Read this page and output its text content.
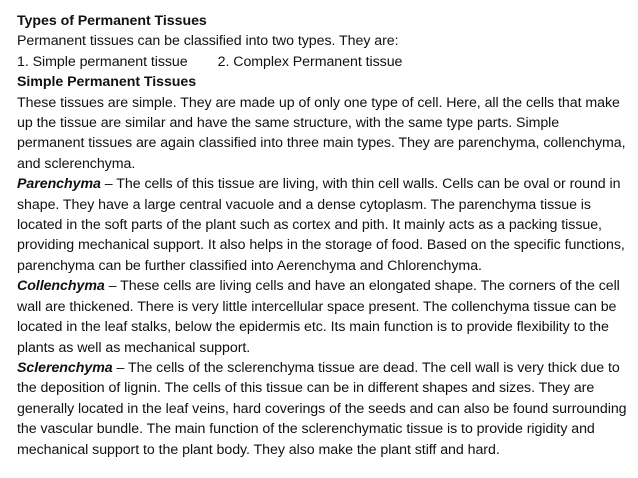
Types of Permanent Tissues
Permanent tissues can be classified into two types. They are:
1. Simple permanent tissue 2. Complex Permanent tissue
Simple Permanent Tissues
These tissues are simple. They are made up of only one type of cell. Here, all the cells that make up the tissue are similar and have the same structure, with the same type parts. Simple permanent tissues are again classified into three main types. They are parenchyma, collenchyma, and sclerenchyma.
Parenchyma – The cells of this tissue are living, with thin cell walls. Cells can be oval or round in shape. They have a large central vacuole and a dense cytoplasm. The parenchyma tissue is located in the soft parts of the plant such as cortex and pith. It mainly acts as a packing tissue, providing mechanical support. It also helps in the storage of food. Based on the specific functions, parenchyma can be further classified into Aerenchyma and Chlorenchyma.
Collenchyma – These cells are living cells and have an elongated shape. The corners of the cell wall are thickened. There is very little intercellular space present. The collenchyma tissue can be located in the leaf stalks, below the epidermis etc. Its main function is to provide flexibility to the plants as well as mechanical support.
Sclerenchyma – The cells of the sclerenchyma tissue are dead. The cell wall is very thick due to the deposition of lignin. The cells of this tissue can be in different shapes and sizes. They are generally located in the leaf veins, hard coverings of the seeds and can also be found surrounding the vascular bundle. The main function of the sclerenchymatic tissue is to provide rigidity and mechanical support to the plant body. They also make the plant stiff and hard.
